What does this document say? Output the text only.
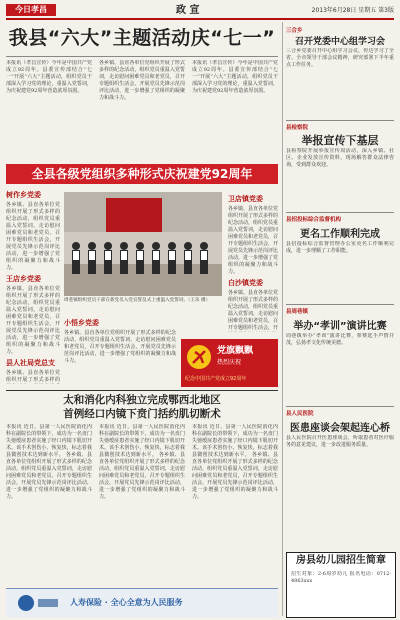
今日孝昌	政 宣	2013年6月28日 星期五 第3版
我县“六大”主题活动庆“七一”
本报讯（孝昌宣传）今年是中国共产党成立92周年。县委宣传部结合“七一”开展“六大”主题活动，组织党员干部深入学习党的理论，重温入党誓词，为庆祝建党92周年营造浓厚氛围。
各乡镇、县直各单位党组织开展了形式多样的纪念活动，组织党员重温入党誓词，走访慰问困难党员和老党员，召开专题组织生活会，开展党员先锋示范岗评比活动，进一步增强了党组织的凝聚力和战斗力。
本报讯（孝昌宣传）今年是中国共产党成立92周年。县委宣传部结合“七一”开展“六大”主题活动，组织党员干部深入学习党的理论，重温入党誓词，为庆祝建党92周年营造浓厚氛围。
全县各级党组织多种形式庆祝建党92周年
树作乡党委
各乡镇、县直各单位党组织开展了形式多样的纪念活动，组织党员重温入党誓词，走访慰问困难党员和老党员，召开专题组织生活会，开展党员先锋示范岗评比活动，进一步增强了党组织的凝聚力和战斗力。
王店乡党委
各乡镇、县直各单位党组织开展了形式多样的纪念活动，组织党员重温入党誓词，走访慰问困难党员和老党员，召开专题组织生活会，开展党员先锋示范岗评比活动，进一步增强了党组织的凝聚力和战斗力。
县人社局党总支
各乡镇、县直各单位党组织开展了形式多样的
周巷镇组织党员干部在新党员入党宣誓仪式上重温入党誓词。（王乐 摄）
卫店镇党委
各乡镇、县直各单位党组织开展了形式多样的纪念活动，组织党员重温入党誓词，走访慰问困难党员和老党员，召开专题组织生活会，开展党员先锋示范岗评比活动，进一步增强了党组织的凝聚力和战斗力。
白沙镇党委
各乡镇、县直各单位党组织开展了形式多样的纪念活动，组织党员重温入党誓词，走访慰问困难党员和老党员，召开专题组织生活会，开
小悟乡党委
各乡镇、县直各单位党组织开展了形式多样的纪念活动，组织党员重温入党誓词，走访慰问困难党员和老党员，召开专题组织生活会，开展党员先锋示范岗评比活动，进一步增强了党组织的凝聚力和战斗力。
党旗飘飘
热烈庆祝
纪念中国共产党成立92周年
太和消化内科独立完成鄂西北地区
首例经口内镜下贲门括约肌切断术
本报讯 近日，县第一人民医院消化内科在副院长的带领下，成功为一名贲门失弛缓症患者实施了经口内镜下肌切开术。该手术创伤小、恢复快，标志着我县微创技术达到新水平。 各乡镇、县直各单位党组织开展了形式多样的纪念活动，组织党员重温入党誓词，走访慰问困难党员和老党员，召开专题组织生活会，开展党员先锋示范岗评比活动，进一步增强了党组织的凝聚力和战斗力。
本报讯 近日，县第一人民医院消化内科在副院长的带领下，成功为一名贲门失弛缓症患者实施了经口内镜下肌切开术。该手术创伤小、恢复快，标志着我县微创技术达到新水平。 各乡镇、县直各单位党组织开展了形式多样的纪念活动，组织党员重温入党誓词，走访慰问困难党员和老党员，召开专题组织生活会，开展党员先锋示范岗评比活动，进一步增强了党组织的凝聚力和战斗力。
本报讯 近日，县第一人民医院消化内科在副院长的带领下，成功为一名贲门失弛缓症患者实施了经口内镜下肌切开术。该手术创伤小、恢复快，标志着我县微创技术达到新水平。 各乡镇、县直各单位党组织开展了形式多样的纪念活动，组织党员重温入党誓词，走访慰问困难党员和老党员，召开专题组织生活会，开展党员先锋示范岗评比活动，进一步增强了党组织的凝聚力和战斗力。
人寿保险 · 全心全意为人民服务
三合乡
召开党委中心组学习会
三合乡党委召开中心组学习会议，传达学习了全省、全市领导干部会议精神，研究部署下半年重点工作任务。
县检察院
举报宣传下基层
县检察院开展举报宣传周活动，深入乡镇、社区、企业发放宣传资料，现场解答群众法律咨询，受到群众欢迎。
县招投标综合监督机构
更名工作顺利完成
县招投标综合监督管理办公室更名工作顺利完成，进一步理顺了工作职能。
县周巷镇
举办“孝训”演讲比赛
周巷镇举办“孝训”演讲比赛，参赛选手声情并茂，弘扬孝文化传统美德。
县人民医院
医患座谈会架起连心桥
县人民医院召开医患座谈会，听取患者对医疗服务的意见建议，进一步改进服务质量。
房县幼儿园招生简章
招生对象：2-6周岁幼儿 报名电话：0712-4863xxx
